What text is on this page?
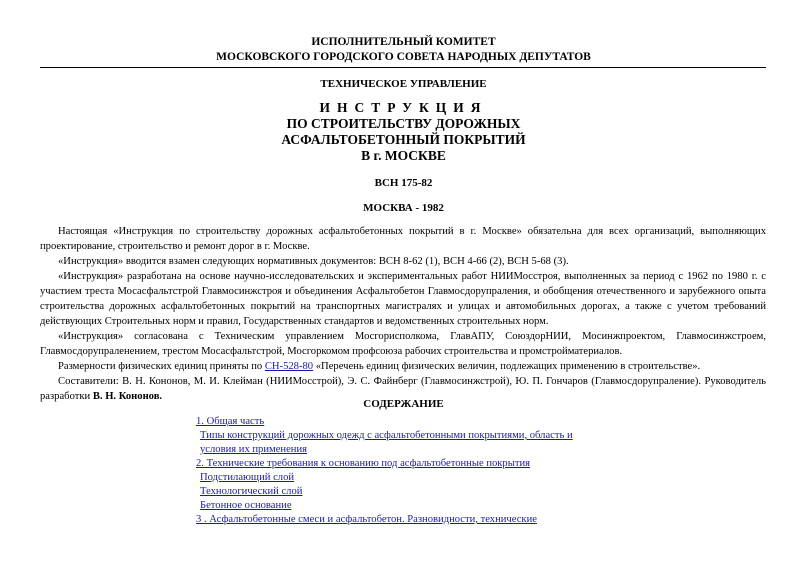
ИСПОЛНИТЕЛЬНЫЙ КОМИТЕТ
МОСКОВСКОГО ГОРОДСКОГО СОВЕТА НАРОДНЫХ ДЕПУТАТОВ
ТЕХНИЧЕСКОЕ УПРАВЛЕНИЕ
ИНСТРУКЦИЯ
ПО СТРОИТЕЛЬСТВУ ДОРОЖНЫХ
АСФАЛЬТОБЕТОННЫЙ ПОКРЫТИЙ
В г. МОСКВЕ
ВСН 175-82
МОСКВА - 1982

Настоящая «Инструкция по строительству дорожных асфальтобетонных покрытий в г. Москве» обязательна для всех организаций, выполняющих проектирование, строительство и ремонт дорог в г. Москве.

«Инструкция» вводится взамен следующих нормативных документов: ВСН 8-62 (1), ВСН 4-66 (2), ВСН 5-68 (3).

«Инструкция» разработана на основе научно-исследовательских и экспериментальных работ НИИМосстроя, выполненных за период с 1962 по 1980 г. с участием треста Мосасфальтстрой Главмосинжстроя и объединения Асфальтобетон Главмосдорупраления, и обобщения отечественного и зарубежного опыта строительства дорожных асфальтобетонных покрытий на транспортных магистралях и улицах и автомобильных дорогах, а также с учетом требований действующих Строительных норм и правил, Государственных стандартов и ведомственных строительных норм.

«Инструкция» согласована с Техническим управлением Мосгорисполкома, ГлавАПУ, СоюздорНИИ, Мосинжпроектом, Главмосинжстроем, Главмосдорупраленением, трестом Мосасфальтстрой, Мосгоркомом профсоюза рабочих строительства и промстройматериалов.

Размерности физических единиц приняты по СН-528-80 «Перечень единиц физических величин, подлежащих применению в строительстве».

Составители: В. Н. Кононов, М. И. Клейман (НИИМосстрой), Э. С. Файнберг (Главмосинжстрой), Ю. П. Гончаров (Главмосдорупраление). Руководитель разработки В. Н. Кононов.

СОДЕРЖАНИЕ
1. Общая часть
Типы конструкций дорожных одежд с асфальтобетонными покрытиями, область и
условия их применения
2. Технические требования к основанию под асфальтобетонные покрытия
Подстилающий слой
Технологический слой
Бетонное основание
3 . Асфальтобетонные смеси и асфальтобетон. Разновидности, технические
